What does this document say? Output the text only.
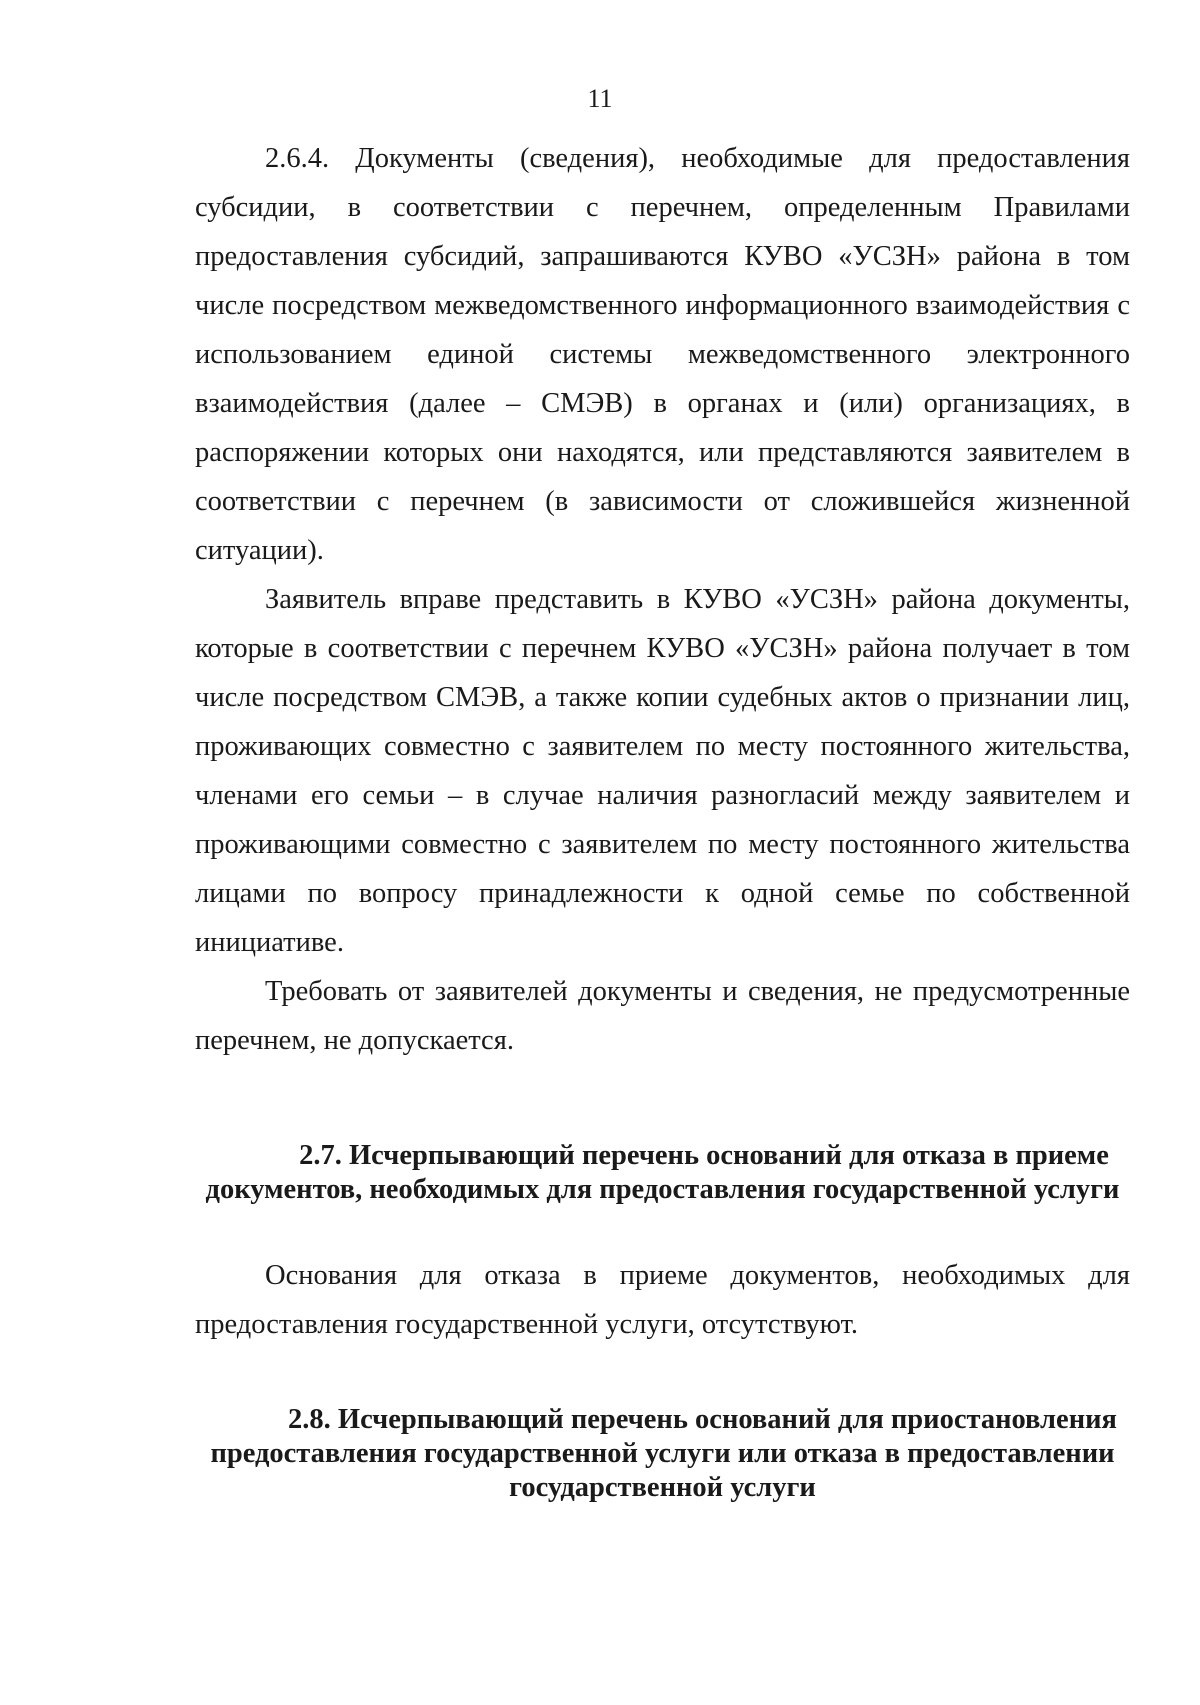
11

2.6.4. Документы (сведения), необходимые для предоставления субсидии, в соответствии с перечнем, определенным Правилами предоставления субсидий, запрашиваются КУВО «УСЗН» района в том числе посредством межведомственного информационного взаимодействия с использованием единой системы межведомственного электронного взаимодействия (далее – СМЭВ) в органах и (или) организациях, в распоряжении которых они находятся, или представляются заявителем в соответствии с перечнем (в зависимости от сложившейся жизненной ситуации).

Заявитель вправе представить в КУВО «УСЗН» района документы, которые в соответствии с перечнем КУВО «УСЗН» района получает в том числе посредством СМЭВ, а также копии судебных актов о признании лиц, проживающих совместно с заявителем по месту постоянного жительства, членами его семьи – в случае наличия разногласий между заявителем и проживающими совместно с заявителем по месту постоянного жительства лицами по вопросу принадлежности к одной семье по собственной инициативе.

Требовать от заявителей документы и сведения, не предусмотренные перечнем, не допускается.

2.7. Исчерпывающий перечень оснований для отказа в приеме
документов, необходимых для предоставления государственной услуги

Основания для отказа в приеме документов, необходимых для предоставления государственной услуги, отсутствуют.

2.8. Исчерпывающий перечень оснований для приостановления
предоставления государственной услуги или отказа в предоставлении
государственной услуги
